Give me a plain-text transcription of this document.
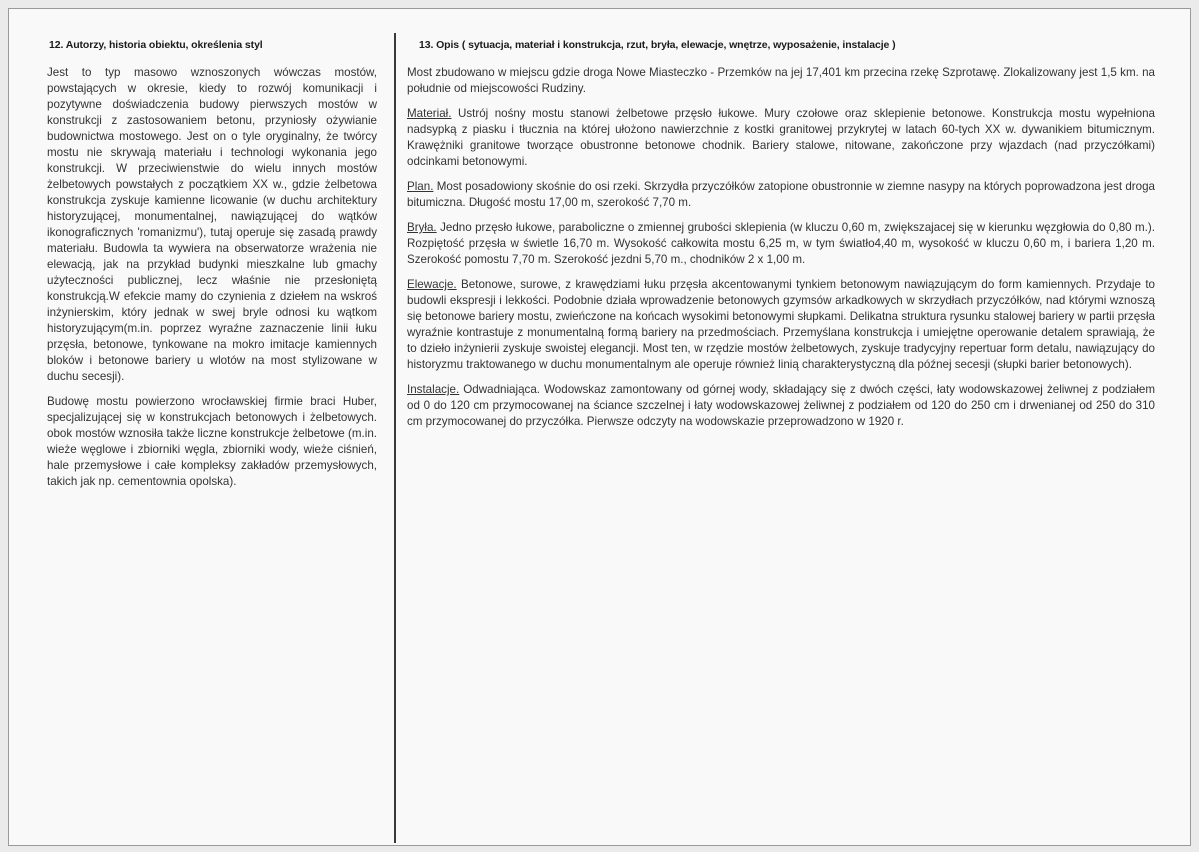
12. Autorzy, historia obiektu, określenia styl

Jest to typ masowo wznoszonych wówczas mostów, powstających w okresie, kiedy to rozwój komunikacji i pozytywne doświadczenia budowy pierwszych mostów w konstrukcji z zastosowaniem betonu, przyniosły ożywianie budownictwa mostowego. Jest on o tyle oryginalny, że twórcy mostu nie skrywają materiału i technologi wykonania jego konstrukcji. W przeciwienstwie do wielu innych mostów żelbetowych powstałych z początkiem XX w., gdzie żelbetowa konstrukcja zyskuje kamienne licowanie (w duchu architektury historyzującej, monumentalnej, nawiązującej do wątków ikonograficznych 'romanizmu'), tutaj operuje się zasadą prawdy materiału. Budowla ta wywiera na obserwatorze wrażenia nie elewacją, jak na przykład budynki mieszkalne lub gmachy użyteczności publicznej, lecz właśnie nie przesłoniętą konstrukcją.W efekcie mamy do czynienia z dziełem na wskroś inżynierskim, który jednak w swej bryle odnosi ku wątkom historyzującym(m.in. poprzez wyraźne zaznaczenie linii łuku przęsła, betonowe, tynkowane na mokro imitacje kamiennych bloków i betonowe bariery u wlotów na most stylizowane w duchu secesji).

Budowę mostu powierzono wrocławskiej firmie braci Huber, specjalizującej się w konstrukcjach betonowych i żelbetowych. obok mostów wznosiła także liczne konstrukcje żelbetowe (m.in. wieże węglowe i zbiorniki węgla, zbiorniki wody, wieże ciśnień, hale przemysłowe i całe kompleksy zakładów przemysłowych, takich jak np. cementownia opolska).

13. Opis ( sytuacja, materiał i konstrukcja, rzut, bryła, elewacje, wnętrze, wyposażenie, instalacje )

Most zbudowano w miejscu gdzie droga Nowe Miasteczko - Przemków na jej 17,401 km przecina rzekę Szprotawę. Zlokalizowany jest 1,5 km. na południe od miejscowości Rudziny.

Materiał. Ustrój nośny mostu stanowi żelbetowe przęsło łukowe. Mury czołowe oraz sklepienie betonowe. Konstrukcja mostu wypełniona nadsypką z piasku i tłucznia na której ułożono nawierzchnie z kostki granitowej przykrytej w latach 60-tych XX w. dywanikiem bitumicznym. Krawężniki granitowe tworzące obustronne betonowe chodnik. Bariery stalowe, nitowane, zakończone przy wjazdach (nad przyczółkami) odcinkami betonowymi.

Plan. Most posadowiony skośnie do osi rzeki. Skrzydła przyczółków zatopione obustronnie w ziemne nasypy na których poprowadzona jest droga bitumiczna. Długość mostu 17,00 m, szerokość 7,70 m.

Bryła. Jedno przęsło łukowe, paraboliczne o zmiennej grubości sklepienia (w kluczu 0,60 m, zwiększajacej się w kierunku węzgłowia do 0,80 m.). Rozpiętość przęsła w świetle 16,70 m. Wysokość całkowita mostu 6,25 m, w tym światło4,40 m, wysokość w kluczu 0,60 m, i bariera 1,20 m. Szerokość pomostu 7,70 m. Szerokość jezdni 5,70 m., chodników 2 x 1,00 m.

Elewacje. Betonowe, surowe, z krawędziami łuku przęsła akcentowanymi tynkiem betonowym nawiązującym do form kamiennych. Przydaje to budowli ekspresji i lekkości. Podobnie działa wprowadzenie betonowych gzymsów arkadkowych w skrzydłach przyczółków, nad którymi wznoszą się betonowe bariery mostu, zwieńczone na końcach wysokimi betonowymi słupkami. Delikatna struktura rysunku stalowej bariery w partii przęsła wyraźnie kontrastuje z monumentalną formą bariery na przedmościach. Przemyślana konstrukcja i umiejętne operowanie detalem sprawiają, że to dzieło inżynierii zyskuje swoistej elegancji. Most ten, w rzędzie mostów żelbetowych, zyskuje tradycyjny repertuar form detalu, nawiązujący do historyzmu traktowanego w duchu monumentalnym ale operuje również linią charakterystyczną dla późnej secesji (słupki barier betonowych).

Instalacje. Odwadniająca. Wodowskaz zamontowany od górnej wody, składający się z dwóch części, łaty wodowskazowej żeliwnej z podziałem od 0 do 120 cm przymocowanej na ściance szczelnej i łaty wodowskazowej żeliwnej z podziałem od 120 do 250 cm i drwenianej od 250 do 310 cm przymocowanej do przyczółka. Pierwsze odczyty na wodowskazie przeprowadzono w 1920 r.
